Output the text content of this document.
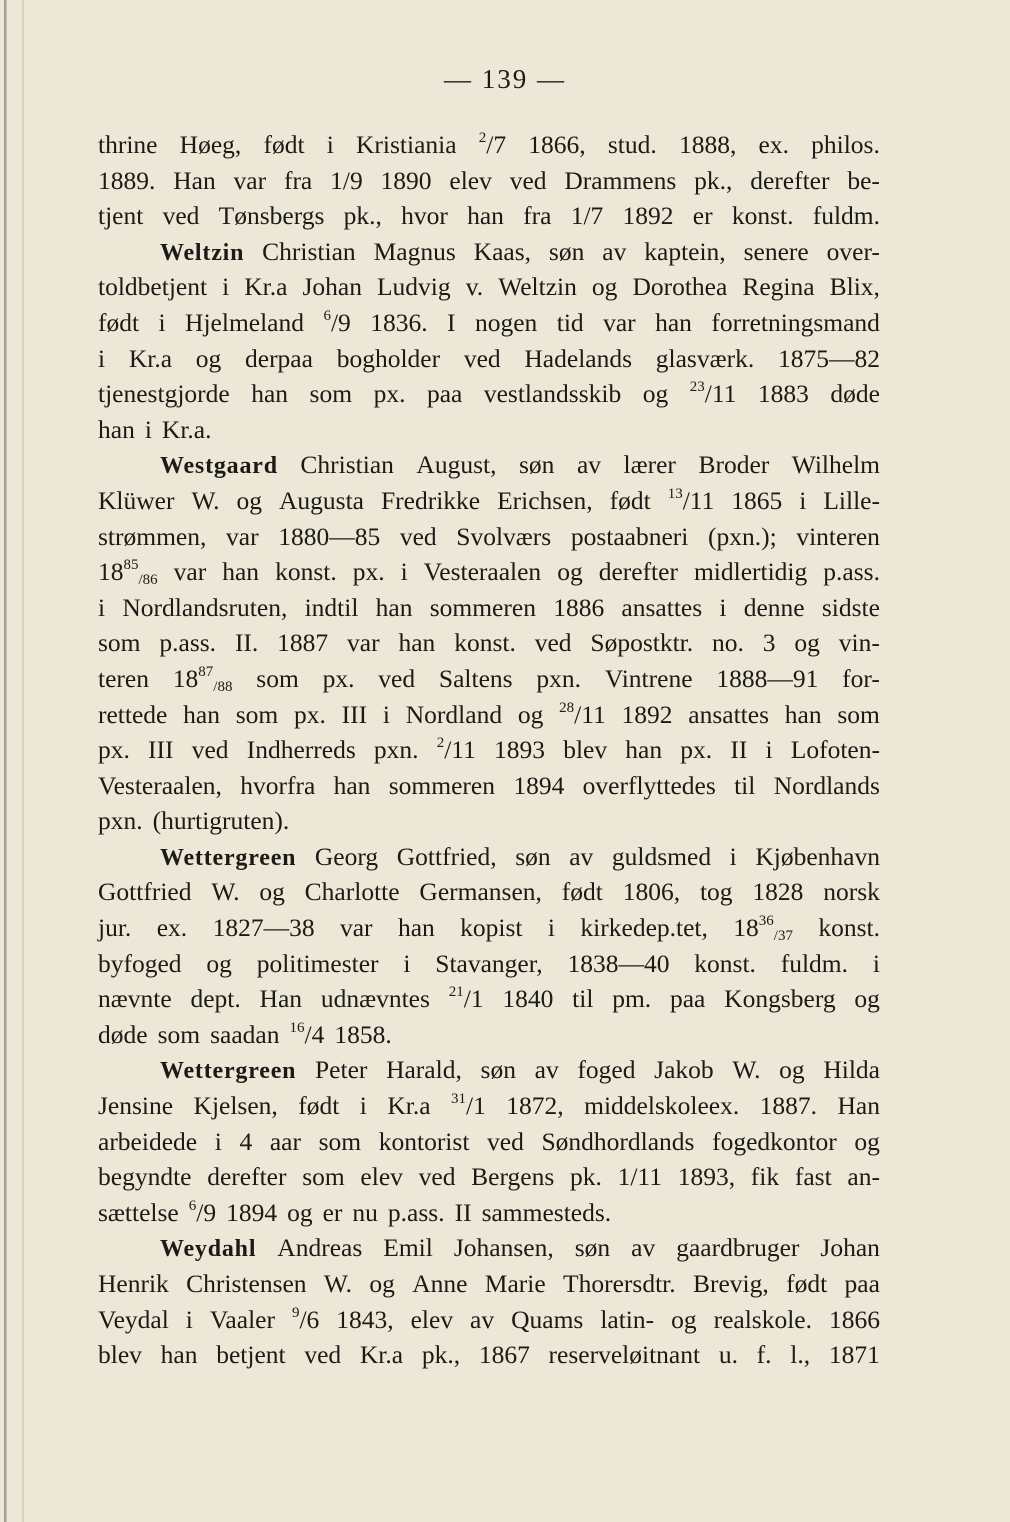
— 139 —
thrine Høeg, født i Kristiania $^2$/7 1866, stud. 1888, ex. philos.
1889. Han var fra 1/9 1890 elev ved Drammens pk., derefter be-
tjent ved Tønsbergs pk., hvor han fra 1/7 1892 er konst. fuldm.
Weltzin Christian Magnus Kaas, søn av kaptein, senere over-
toldbetjent i Kr.a Johan Ludvig v. Weltzin og Dorothea Regina Blix,
født i Hjelmeland $^6$/9 1836. I nogen tid var han forretningsmand
i Kr.a og derpaa bogholder ved Hadelands glasværk. 1875—82
tjenestgjorde han som px. paa vestlandsskib og $^{23}$/11 1883 døde
han i Kr.a.
Westgaard Christian August, søn av lærer Broder Wilhelm
Klüwer W. og Augusta Fredrikke Erichsen, født $^{13}$/11 1865 i Lille-
strømmen, var 1880—85 ved Svolværs postaabneri (pxn.); vinteren
$18^{85}_{/86}$ var han konst. px. i Vesteraalen og derefter midlertidig p.ass.
i Nordlandsruten, indtil han sommeren 1886 ansattes i denne sidste
som p.ass. II. 1887 var han konst. ved Søpostktr. no. 3 og vin-
teren $18^{87}_{/88}$ som px. ved Saltens pxn. Vintrene 1888—91 for-
rettede han som px. III i Nordland og $^{28}$/11 1892 ansattes han som
px. III ved Indherreds pxn. $^2$/11 1893 blev han px. II i Lofoten-
Vesteraalen, hvorfra han sommeren 1894 overflyttedes til Nordlands
pxn. (hurtigruten).
Wettergreen Georg Gottfried, søn av guldsmed i Kjøbenhavn
Gottfried W. og Charlotte Germansen, født 1806, tog 1828 norsk
jur. ex. 1827—38 var han kopist i kirkedep.tet, $18^{36}_{/37}$ konst.
byfoged og politimester i Stavanger, 1838—40 konst. fuldm. i
nævnte dept. Han udnævntes $^{21}$/1 1840 til pm. paa Kongsberg og
døde som saadan $^{16}$/4 1858.
Wettergreen Peter Harald, søn av foged Jakob W. og Hilda
Jensine Kjelsen, født i Kr.a $^{31}$/1 1872, middelskoleex. 1887. Han
arbeidede i 4 aar som kontorist ved Søndhordlands fogedkontor og
begyndte derefter som elev ved Bergens pk. 1/11 1893, fik fast an-
sættelse $^6$/9 1894 og er nu p.ass. II sammesteds.
Weydahl Andreas Emil Johansen, søn av gaardbruger Johan
Henrik Christensen W. og Anne Marie Thorersdtr. Brevig, født paa
Veydal i Vaaler $^9$/6 1843, elev av Quams latin- og realskole. 1866
blev han betjent ved Kr.a pk., 1867 reserveløitnant u. f. l., 1871
